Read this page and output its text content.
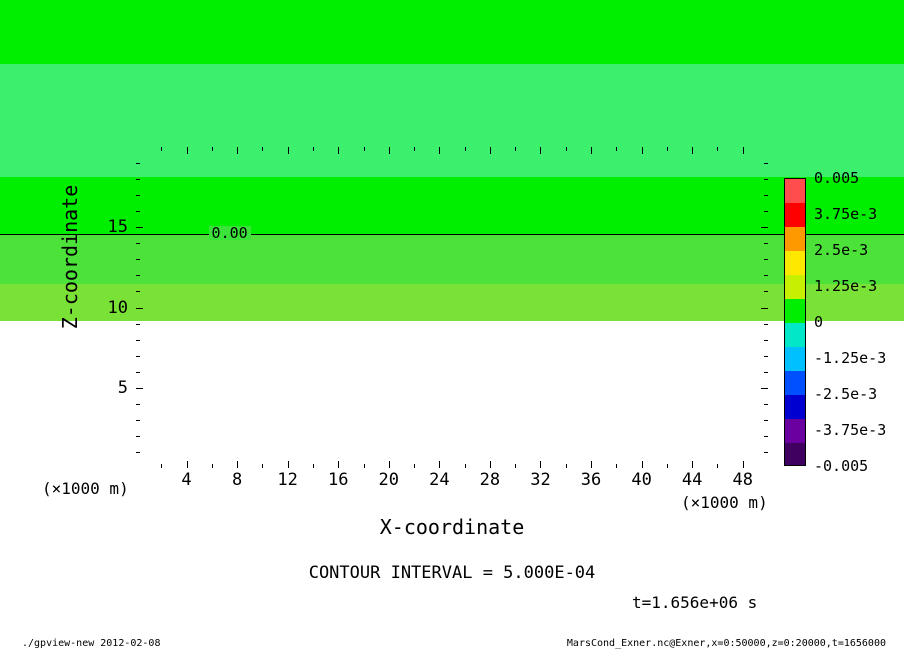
0.00
Z-coordinate
X-coordinate
(×1000 m)
(×1000 m)
CONTOUR INTERVAL = 5.000E-04
t=1.656e+06 s
./gpview-new 2012-02-08	MarsCond_Exner.nc@Exner,x=0:50000,z=0:20000,t=1656000
4	8	12	16	20	24	28	32	36	40	44	48
5
10
15
0.005
3.75e-3
2.5e-3
1.25e-3
0
-1.25e-3
-2.5e-3
-3.75e-3
-0.005
